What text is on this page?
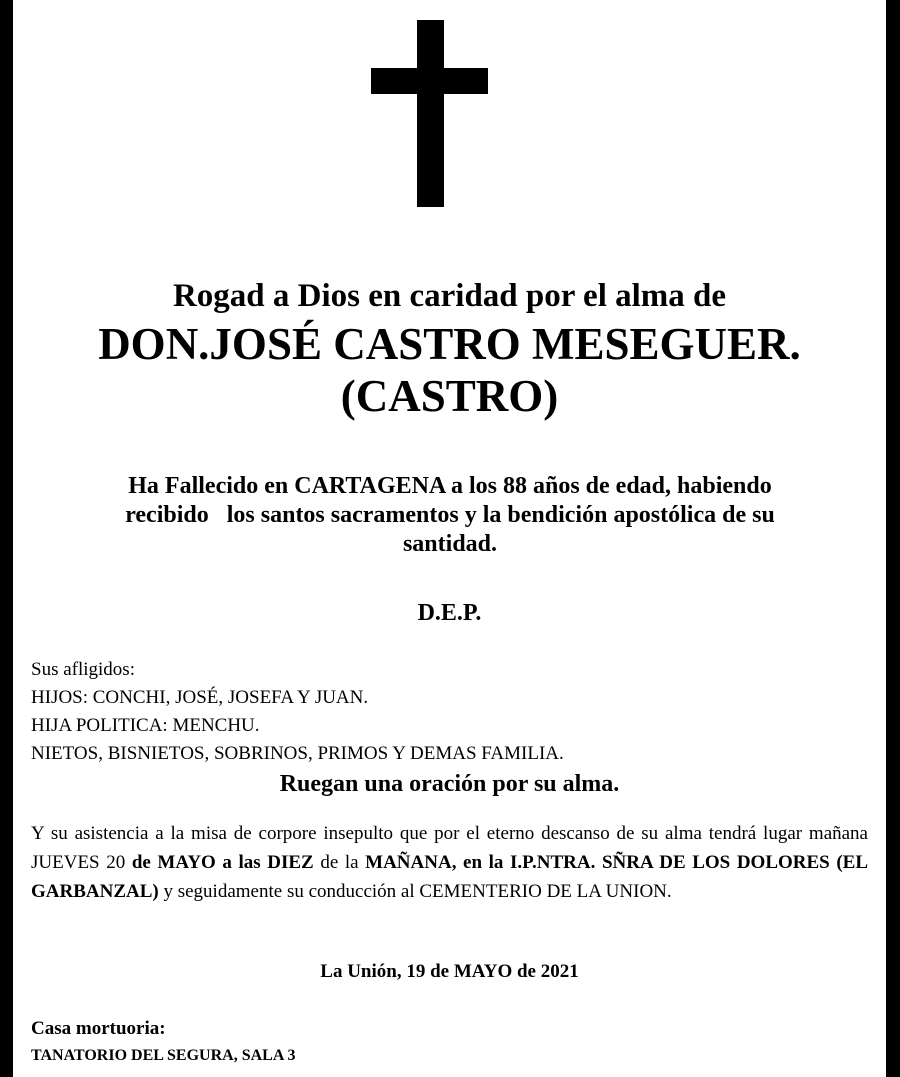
Rogad a Dios en caridad por el alma de
DON.JOSÉ CASTRO MESEGUER.
(CASTRO)
Ha Fallecido en CARTAGENA a los 88 años de edad, habiendo
recibido   los santos sacramentos y la bendición apostólica de su
santidad.
D.E.P.
Sus afligidos:
HIJOS: CONCHI, JOSÉ, JOSEFA Y JUAN.
HIJA POLITICA: MENCHU.
NIETOS, BISNIETOS, SOBRINOS, PRIMOS Y DEMAS FAMILIA.
Ruegan una oración por su alma.
Y su asistencia a la misa de corpore insepulto que por el eterno descanso de su alma tendrá lugar mañana JUEVES 20 de MAYO a las DIEZ de la MAÑANA, en la I.P.NTRA. SÑRA DE LOS DOLORES (EL GARBANZAL) y seguidamente su conducción al CEMENTERIO DE LA UNION.
La Unión, 19 de MAYO de 2021
Casa mortuoria:
TANATORIO DEL SEGURA, SALA 3
